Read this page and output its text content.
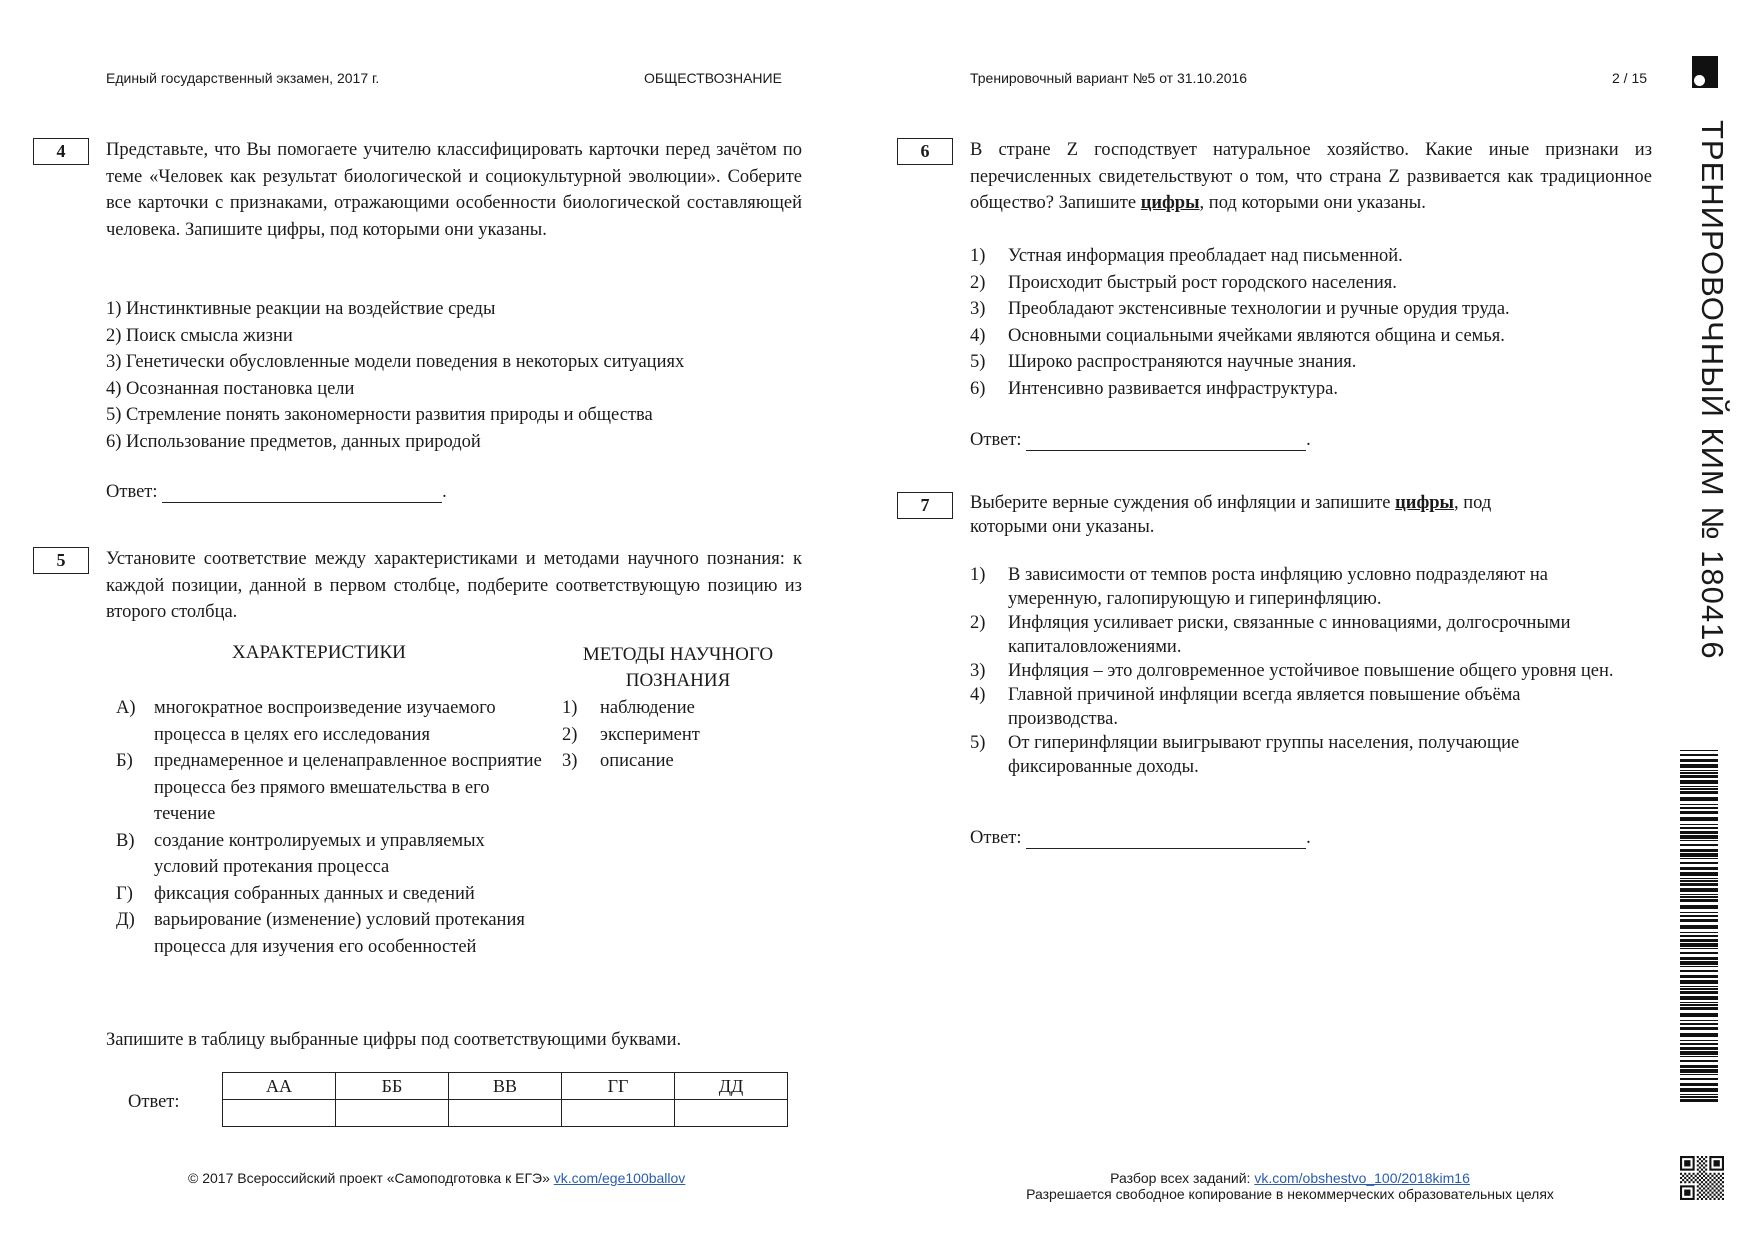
Единый государственный экзамен, 2017 г.	ОБЩЕСТВОЗНАНИЕ	Тренировочный вариант №5 от 31.10.2016	2 / 15
ТРЕНИРОВОЧНЫЙ КИМ № 180416
4	Представьте, что Вы помогаете учителю классифицировать карточки перед зачётом по теме «Человек как результат биологической и социокультурной эволюции». Соберите все карточки с признаками, отражающими особенности биологической составляющей человека. Запишите цифры, под которыми они указаны.
1) Инстинктивные реакции на воздействие среды
2) Поиск смысла жизни
3) Генетически обусловленные модели поведения в некоторых ситуациях
4) Осознанная постановка цели
5) Стремление понять закономерности развития природы и общества
6) Использование предметов, данных природой
Ответ:	.
5	Установите соответствие между характеристиками и методами научного познания: к каждой позиции, данной в первом столбце, подберите соответствующую позицию из второго столбца.
ХАРАКТЕРИСТИКИ	МЕТОДЫ НАУЧНОГО
ПОЗНАНИЯ
А) многократное воспроизведение изучаемого процесса в целях его исследования
Б) преднамеренное и целенаправленное восприятие процесса без прямого вмешательства в его течение
В) создание контролируемых и управляемых условий протекания процесса
Г) фиксация собранных данных и сведений
Д) варьирование (изменение) условий протекания процесса для изучения его особенностей
1) наблюдение
2) эксперимент
3) описание
Запишите в таблицу выбранные цифры под соответствующими буквами.
Ответ:
АА	ББ	ВВ	ГГ	ДД

6	В стране Z господствует натуральное хозяйство. Какие иные признаки из перечисленных свидетельствуют о том, что страна Z развивается как традиционное общество? Запишите цифры, под которыми они указаны.
1) Устная информация преобладает над письменной.
2) Происходит быстрый рост городского населения.
3) Преобладают экстенсивные технологии и ручные орудия труда.
4) Основными социальными ячейками являются община и семья.
5) Широко распространяются научные знания.
6) Интенсивно развивается инфраструктура.
Ответ:	.
7	Выберите верные суждения об инфляции и запишите цифры, под которыми они указаны.
1) В зависимости от темпов роста инфляцию условно подразделяют на умеренную, галопирующую и гиперинфляцию.
2) Инфляция усиливает риски, связанные с инновациями, долгосрочными капиталовложениями.
3) Инфляция – это долговременное устойчивое повышение общего уровня цен.
4) Главной причиной инфляции всегда является повышение объёма производства.
5) От гиперинфляции выигрывают группы населения, получающие фиксированные доходы.
Ответ:	.
© 2017 Всероссийский проект «Самоподготовка к ЕГЭ» vk.com/ege100ballov	Разбор всех заданий: vk.com/obshestvo_100/2018kim16
Разрешается свободное копирование в некоммерческих образовательных целях
